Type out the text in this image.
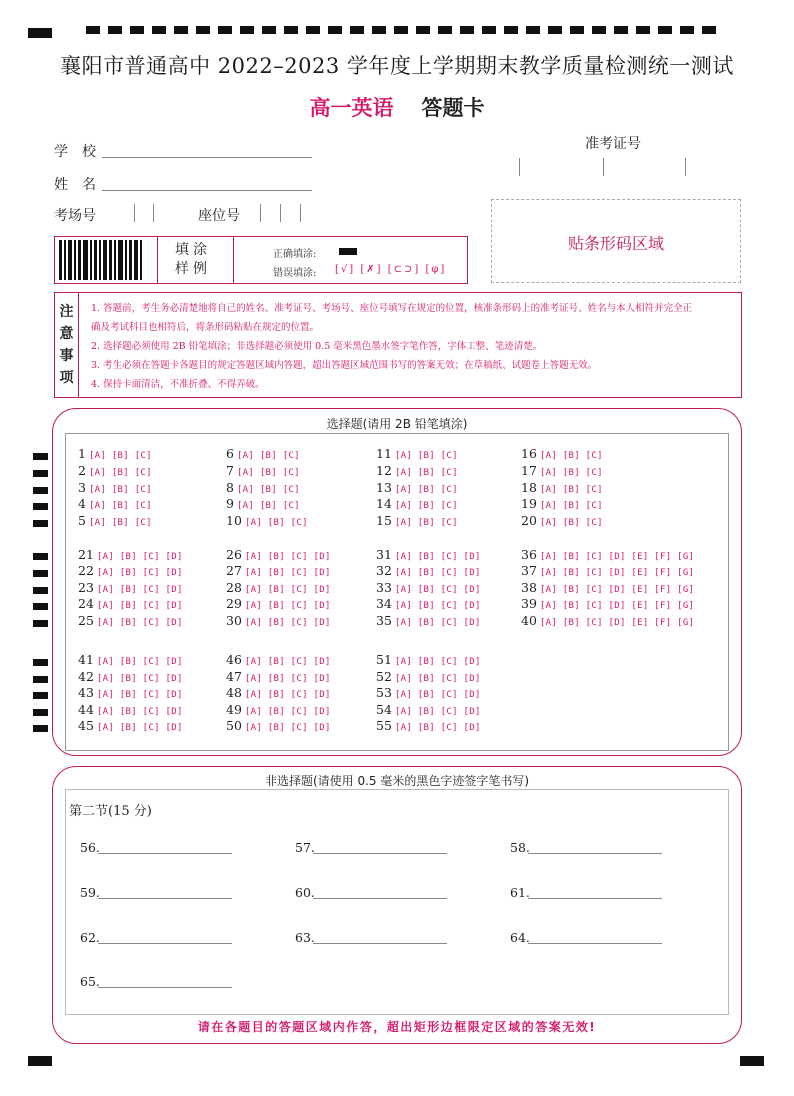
襄阳市普通高中 2022–2023 学年度上学期期末教学质量检测统一测试
高一英语 答题卡
学　校
姓　名
考场号	座位号
准考证号
填涂
样例
正确填涂:
错误填涂: [√] [✗] [⊂⊃] [φ]
贴条形码区域
注
意
事
项
1. 答题前，考生务必清楚地将自己的姓名、准考证号、考场号、座位号填写在规定的位置，核准条形码上的准考证号、姓名与本人相符并完全正
确及考试科目也相符后，将条形码粘贴在规定的位置。
2. 选择题必须使用 2B 铅笔填涂；非选择题必须使用 0.5 毫米黑色墨水签字笔作答，字体工整、笔迹清楚。
3. 考生必须在答题卡各题目的规定答题区域内答题，超出答题区域范围书写的答案无效；在草稿纸、试题卷上答题无效。
4. 保持卡面清洁，不准折叠、不得弄破。
选择题(请用 2B 铅笔填涂)
1 [A] [B] [C]
2 [A] [B] [C]
3 [A] [B] [C]
4 [A] [B] [C]
5 [A] [B] [C]
6 [A] [B] [C]
7 [A] [B] [C]
8 [A] [B] [C]
9 [A] [B] [C]
10 [A] [B] [C]
11 [A] [B] [C]
12 [A] [B] [C]
13 [A] [B] [C]
14 [A] [B] [C]
15 [A] [B] [C]
16 [A] [B] [C]
17 [A] [B] [C]
18 [A] [B] [C]
19 [A] [B] [C]
20 [A] [B] [C]
21 [A] [B] [C] [D]
22 [A] [B] [C] [D]
23 [A] [B] [C] [D]
24 [A] [B] [C] [D]
25 [A] [B] [C] [D]
26 [A] [B] [C] [D]
27 [A] [B] [C] [D]
28 [A] [B] [C] [D]
29 [A] [B] [C] [D]
30 [A] [B] [C] [D]
31 [A] [B] [C] [D]
32 [A] [B] [C] [D]
33 [A] [B] [C] [D]
34 [A] [B] [C] [D]
35 [A] [B] [C] [D]
36 [A] [B] [C] [D] [E] [F] [G]
37 [A] [B] [C] [D] [E] [F] [G]
38 [A] [B] [C] [D] [E] [F] [G]
39 [A] [B] [C] [D] [E] [F] [G]
40 [A] [B] [C] [D] [E] [F] [G]
41 [A] [B] [C] [D]
42 [A] [B] [C] [D]
43 [A] [B] [C] [D]
44 [A] [B] [C] [D]
45 [A] [B] [C] [D]
46 [A] [B] [C] [D]
47 [A] [B] [C] [D]
48 [A] [B] [C] [D]
49 [A] [B] [C] [D]
50 [A] [B] [C] [D]
51 [A] [B] [C] [D]
52 [A] [B] [C] [D]
53 [A] [B] [C] [D]
54 [A] [B] [C] [D]
55 [A] [B] [C] [D]
非选择题(请使用 0.5 毫米的黑色字迹签字笔书写)
第二节(15 分)
请在各题目的答题区域内作答，超出矩形边框限定区域的答案无效!
56.	57.	58.
59.	60.	61.
62.	63.	64.
65.
